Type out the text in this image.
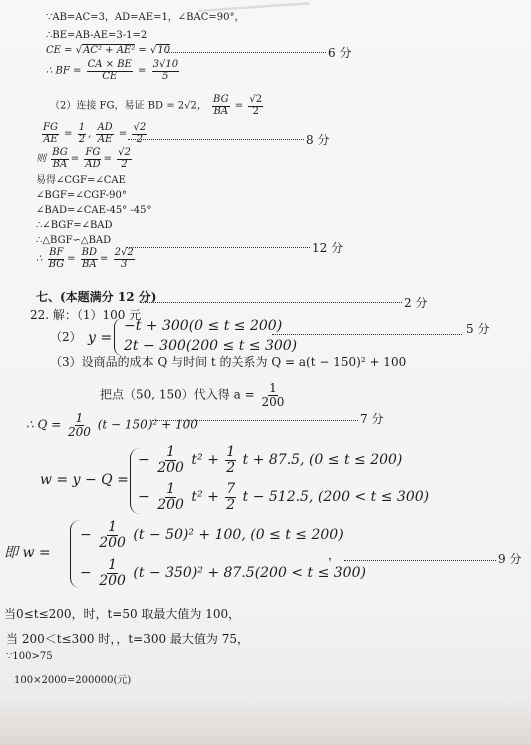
▔▔▔▔▔▔▔▔▔
∵AB=AC=3，AD=AE=1，∠BAC=90°，
∴BE=AB-AE=3-1=2
CE = √AC² + AE² = √10
∴ BF = $\frac{CA \times BE}{CE} = \frac{3√10}{5}$
6 分
（2）连接 FG，易证 BD = 2√2， $\frac{BG}{BA} = \frac{√2}{2}$
$\frac{FG}{AE} = \frac{1}{2}$ , $\frac{AD}{AE} = \frac{√2}{2}$	8 分
则 $\frac{BG}{BA} = \frac{FG}{AD} = \frac{√2}{2}$
易得∠CGF=∠CAE
∠BGF=∠CGF-90°
∠BAD=∠CAE-45° -45°
∴∠BGF=∠BAD
∴△BGF∽△BAD
∴ $\frac{BF}{BG} = \frac{BD}{BA} = \frac{2√2}{3}$	12 分
七、(本题满分 12 分)	2 分
22. 解：（1）100 元
（2） y =
−t + 300(0 ≤ t ≤ 200)
2t − 300(200 ≤ t ≤ 300)
5 分
（3）设商品的成本 Q 与时间 t 的关系为 Q = a(t − 150)² + 100
把点（50, 150）代入得 $a = \frac{1}{200}$
∴ $Q = \frac{1}{200} (t - 150)^2 + 100$	7 分
w = y − Q =
− $\frac{1}{200} t^2 + \frac{1}{2}$ t + 87.5, (0 ≤ t ≤ 200)
− $\frac{1}{200} t^2 + \frac{7}{2}$ t − 512.5, (200 < t ≤ 300)
即 w =
− $\frac{1}{200} (t - 50)^2 + 100$, (0 ≤ t ≤ 200)
− $\frac{1}{200} (t - 350)^2 + 87.5(200 < t \le 300)$
，	9 分
当0≤t≤200，时，t=50 取最大值为 100，
当 200＜t≤300 时，，t=300 最大值为 75，
∵100>75
100×2000=200000(元)
